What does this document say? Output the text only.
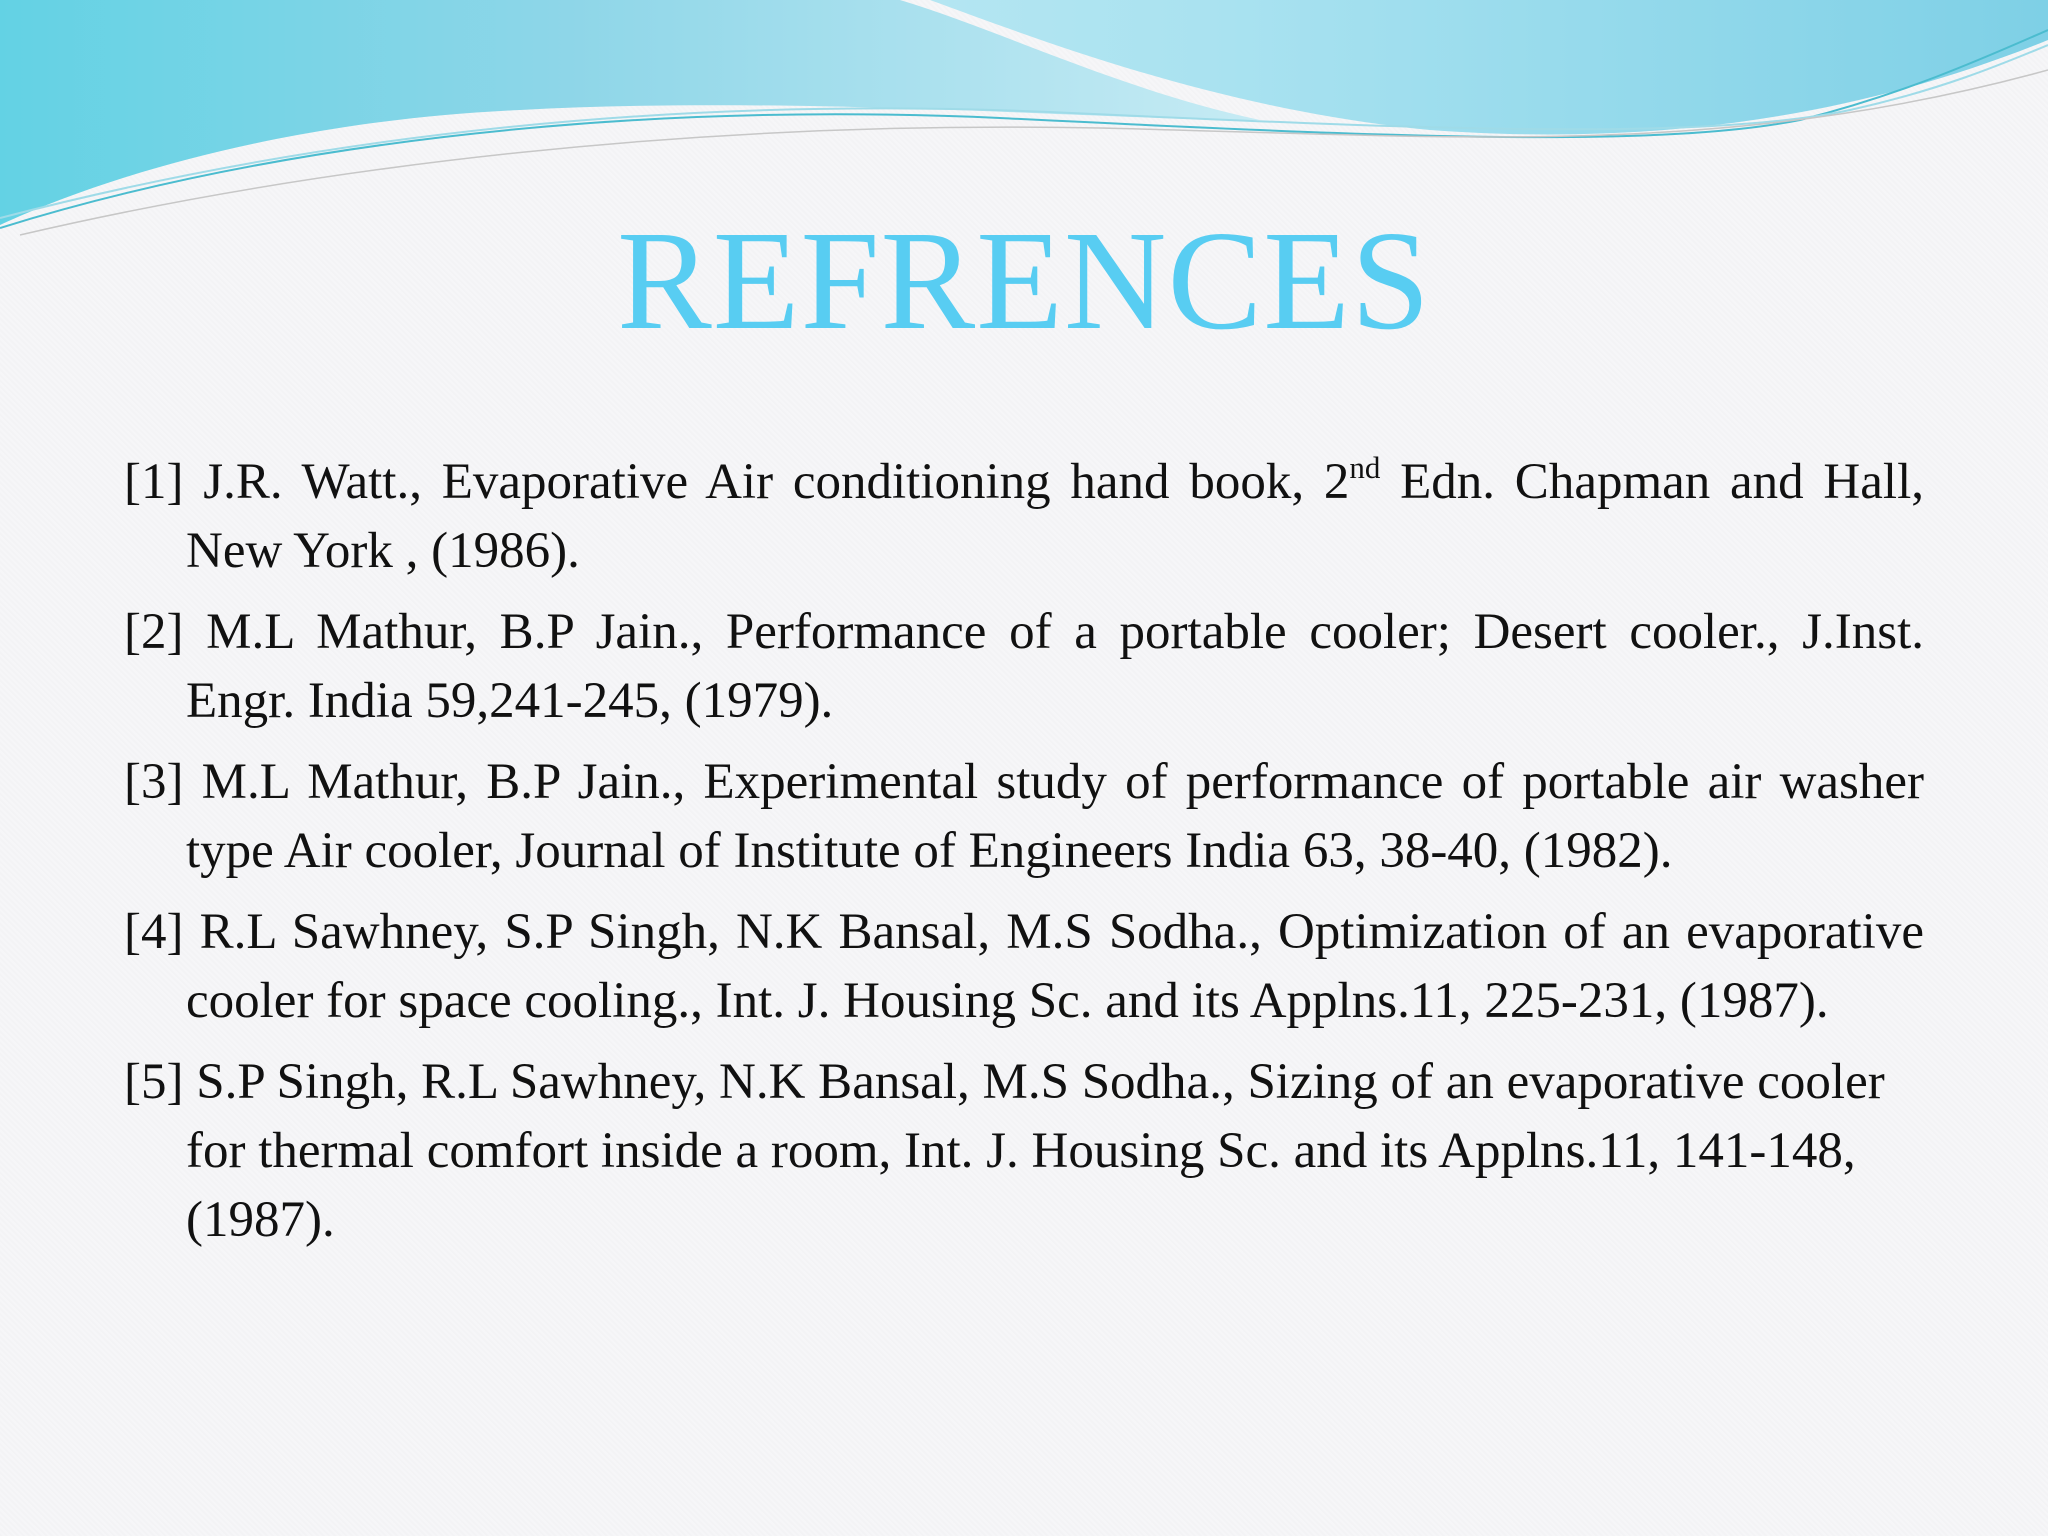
REFRENCES

[1] J.R. Watt., Evaporative Air conditioning hand book, 2nd Edn. Chapman and Hall, New York , (1986).

[2] M.L Mathur, B.P Jain., Performance of a portable cooler; Desert cooler., J.Inst. Engr. India 59,241-245, (1979).

[3] M.L Mathur, B.P Jain., Experimental study of performance of portable air washer type Air cooler, Journal of Institute of Engineers India 63, 38-40, (1982).

[4] R.L Sawhney, S.P Singh, N.K Bansal, M.S Sodha., Optimization of an evaporative cooler for space cooling., Int. J. Housing Sc. and its Applns.11, 225-231, (1987).

[5] S.P Singh, R.L Sawhney, N.K Bansal, M.S Sodha., Sizing of an evaporative cooler for thermal comfort inside a room, Int. J. Housing Sc. and its Applns.11, 141-148, (1987).
